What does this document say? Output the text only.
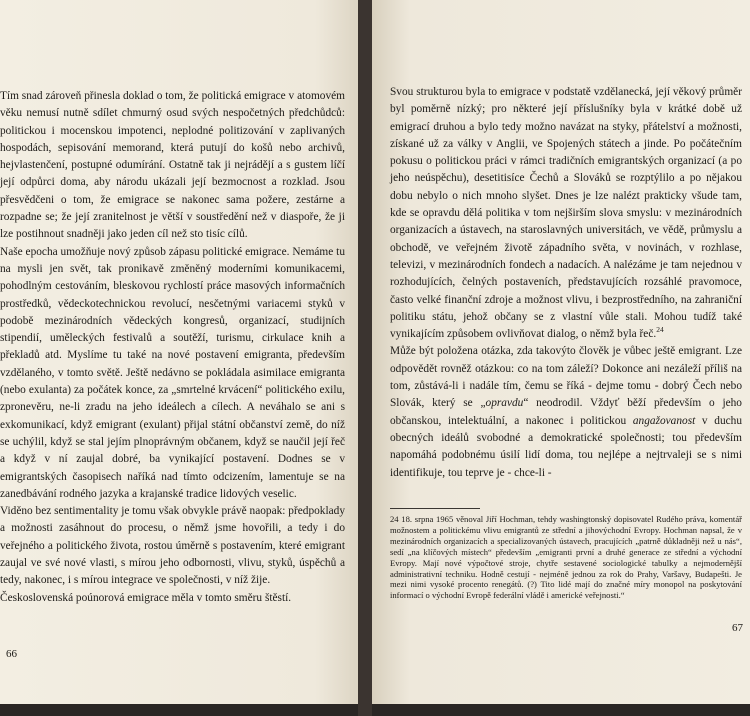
Tím snad zároveň přinesla doklad o tom, že politická emigrace v atomovém věku nemusí nutně sdílet chmurný osud svých nespočetných předchůdců: politickou i mocenskou impotenci, neplodné politizování v zaplivaných hospodách, sepisování memorand, která putují do košů nebo archivů, hejvlastenčení, postupné odumírání. Ostatně tak ji nejrádějí a s gustem líčí její odpůrci doma, aby národu ukázali její bezmocnost a rozklad. Jsou přesvědčeni o tom, že emigrace se nakonec sama požere, zestárne a rozpadne se; že její zranitelnost je větší v soustředění než v diaspoře, že ji lze postihnout snadněji jako jeden cíl než sto tisíc cílů.

Naše epocha umožňuje nový způsob zápasu politické emigrace. Nemáme tu na mysli jen svět, tak pronikavě změněný moderními komunikacemi, pohodlným cestováním, bleskovou rychlostí práce masových informačních prostředků, vědeckotechnickou revolucí, nesčetnými variacemi styků v podobě mezinárodních vědeckých kongresů, organizací, studijních stipendií, uměleckých festivalů a soutěží, turismu, cirkulace knih a překladů atd. Myslíme tu také na nové postavení emigranta, především vzdělaného, v tomto světě. Ještě nedávno se pokládala asimilace emigranta (nebo exulanta) za počátek konce, za „smrtelné krvácení“ politického exilu, zpronevěru, ne-li zradu na jeho ideálech a cílech. A neváhalo se ani s exkomunikací, když emigrant (exulant) přijal státní občanství země, do níž se uchýlil, když se stal jejím plnoprávným občanem, když se naučil její řeč a když v ní zaujal dobré, ba vynikající postavení. Dodnes se v emigrantských časopisech naříká nad tímto odcizením, lamentuje se na zanedbávání rodného jazyka a krajanské tradice lidových veselic.

Viděno bez sentimentality je tomu však obvykle právě naopak: předpoklady a možnosti zasáhnout do procesu, o němž jsme hovořili, a tedy i do veřejného a politického života, rostou úměrně s postavením, které emigrant zaujal ve své nové vlasti, s mírou jeho odbornosti, vlivu, styků, úspěchů a tedy, nakonec, i s mírou integrace ve společnosti, v níž žije.

Československá poúnorová emigrace měla v tomto směru štěstí.

66

Svou strukturou byla to emigrace v podstatě vzdělanecká, její věkový průměr byl poměrně nízký; pro některé její příslušníky byla v krátké době už emigrací druhou a bylo tedy možno navázat na styky, přátelství a možnosti, získané už za války v Anglii, ve Spojených státech a jinde. Po počátečním pokusu o politickou práci v rámci tradičních emigrantských organizací (a po jeho neúspěchu), desetitisíce Čechů a Slováků se rozptýlilo a po nějakou dobu nebylo o nich mnoho slyšet. Dnes je lze nalézt prakticky všude tam, kde se opravdu dělá politika v tom nejširším slova smyslu: v mezinárodních organizacích a ústavech, na staroslavných universitách, ve vědě, průmyslu a obchodě, ve veřejném životě západního světa, v novinách, v rozhlase, televizi, v mezinárodních fondech a nadacích. A nalézáme je tam nejednou v rozhodujících, čelných postaveních, představujících rozsáhlé pravomoce, často velké finanční zdroje a možnost vlivu, i bezprostředního, na zahraniční politiku státu, jehož občany se z vlastní vůle stali. Mohou tudíž také vynikajícím způsobem ovlivňovat dialog, o němž byla řeč.$^{24}$

Může být položena otázka, zda takovýto člověk je vůbec ještě emigrant. Lze odpovědět rovněž otázkou: co na tom záleží? Dokonce ani nezáleží příliš na tom, zůstává-li i nadále tím, čemu se říká - dejme tomu - dobrý Čech nebo Slovák, který se „opravdu“ neodrodil. Vždyť běží především o jeho občanskou, intelektuální, a nakonec i politickou angažovanost v duchu obecných ideálů svobodné a demokratické společnosti; tou především napomáhá podobnému úsilí lidí doma, tou nejlépe a nejtrvaleji se s nimi identifikuje, tou teprve je - chce-li -

24 18. srpna 1965 věnoval Jiří Hochman, tehdy washingtonský dopisovatel Rudého práva, komentář možnostem a politickému vlivu emigrantů ze střední a jihovýchodní Evropy. Hochman napsal, že v mezinárodních organizacích a specializovaných ústavech, pracujících „patrně důkladněji než u nás“, sedí „na klíčových místech“ především „emigranti první a druhé generace ze střední a východní Evropy. Mají nové výpočtové stroje, chytře sestavené sociologické tabulky a nejmodernější administrativní techniku. Hodně cestují - nejméně jednou za rok do Prahy, Varšavy, Budapešti. Je mezi nimi vysoké procento renegátů. (?) Tito lidé mají do značné míry monopol na poskytování informací o východní Evropě federální vládě i americké veřejnosti.“
67
